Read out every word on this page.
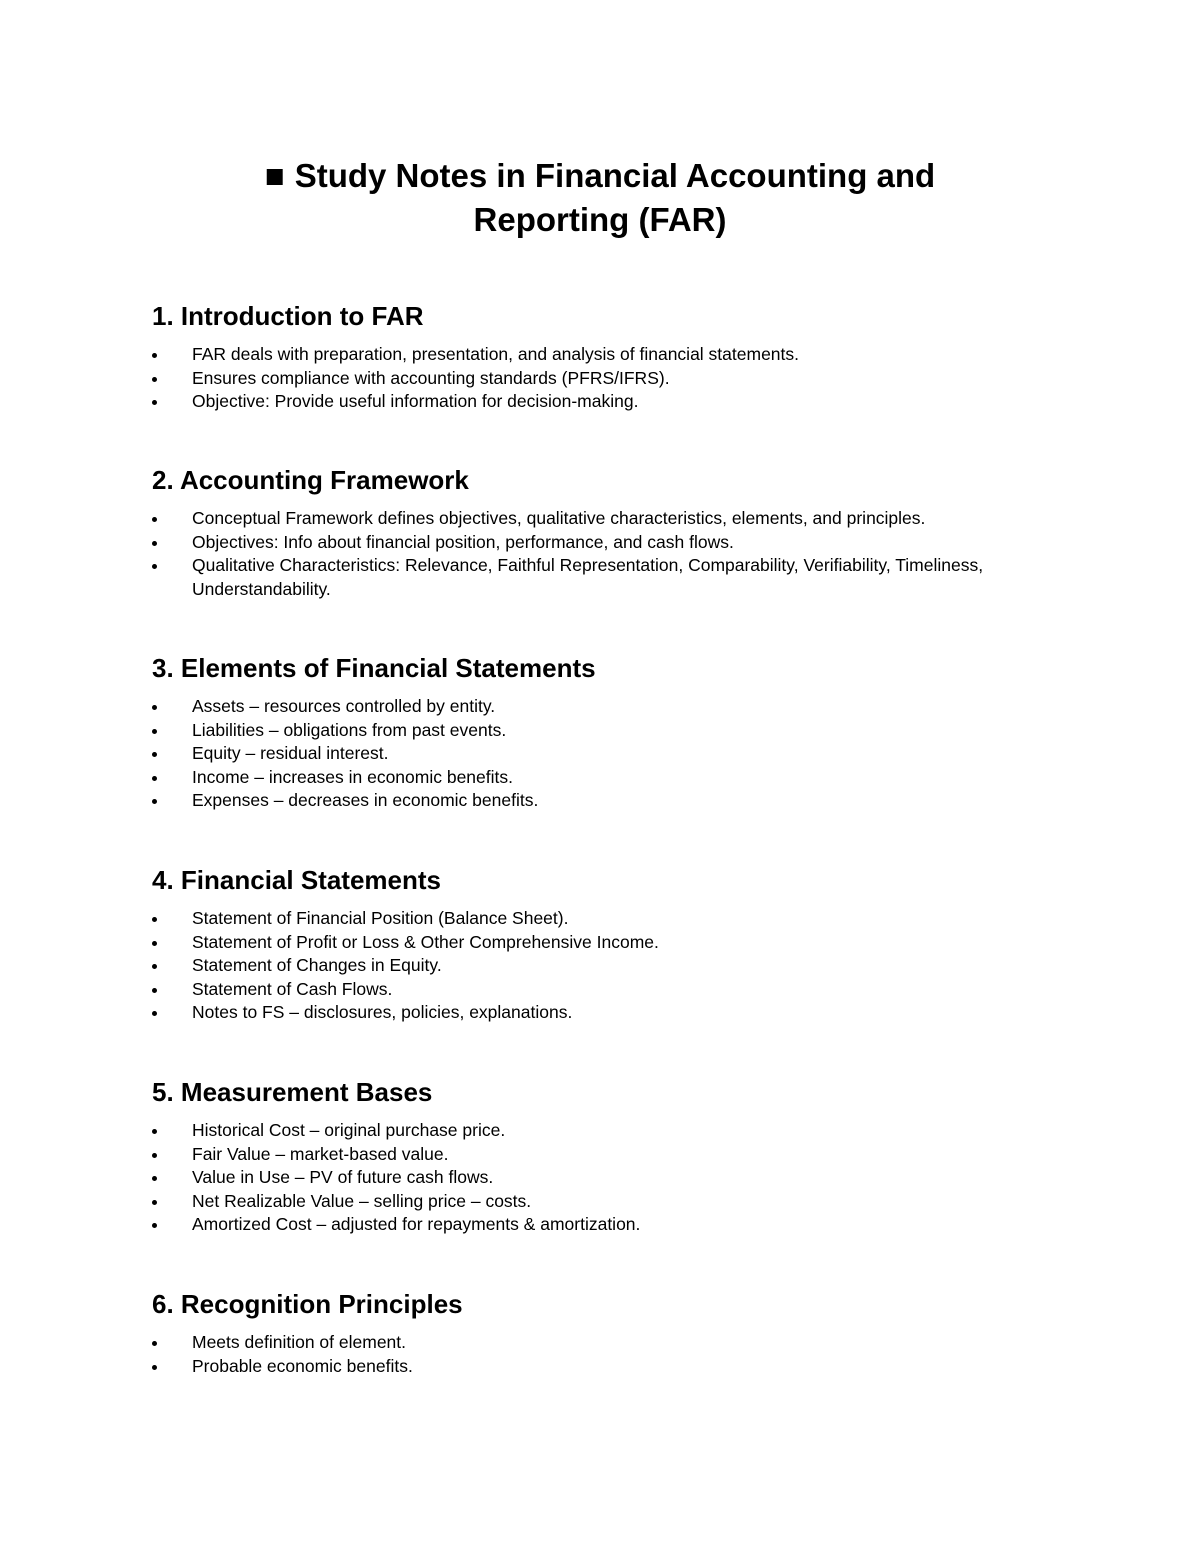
■ Study Notes in Financial Accounting and
Reporting (FAR)
1. Introduction to FAR
FAR deals with preparation, presentation, and analysis of financial statements.
Ensures compliance with accounting standards (PFRS/IFRS).
Objective: Provide useful information for decision-making.
2. Accounting Framework
Conceptual Framework defines objectives, qualitative characteristics, elements, and principles.
Objectives: Info about financial position, performance, and cash flows.
Qualitative Characteristics: Relevance, Faithful Representation, Comparability, Verifiability, Timeliness, Understandability.
3. Elements of Financial Statements
Assets – resources controlled by entity.
Liabilities – obligations from past events.
Equity – residual interest.
Income – increases in economic benefits.
Expenses – decreases in economic benefits.
4. Financial Statements
Statement of Financial Position (Balance Sheet).
Statement of Profit or Loss & Other Comprehensive Income.
Statement of Changes in Equity.
Statement of Cash Flows.
Notes to FS – disclosures, policies, explanations.
5. Measurement Bases
Historical Cost – original purchase price.
Fair Value – market-based value.
Value in Use – PV of future cash flows.
Net Realizable Value – selling price – costs.
Amortized Cost – adjusted for repayments & amortization.
6. Recognition Principles
Meets definition of element.
Probable economic benefits.
